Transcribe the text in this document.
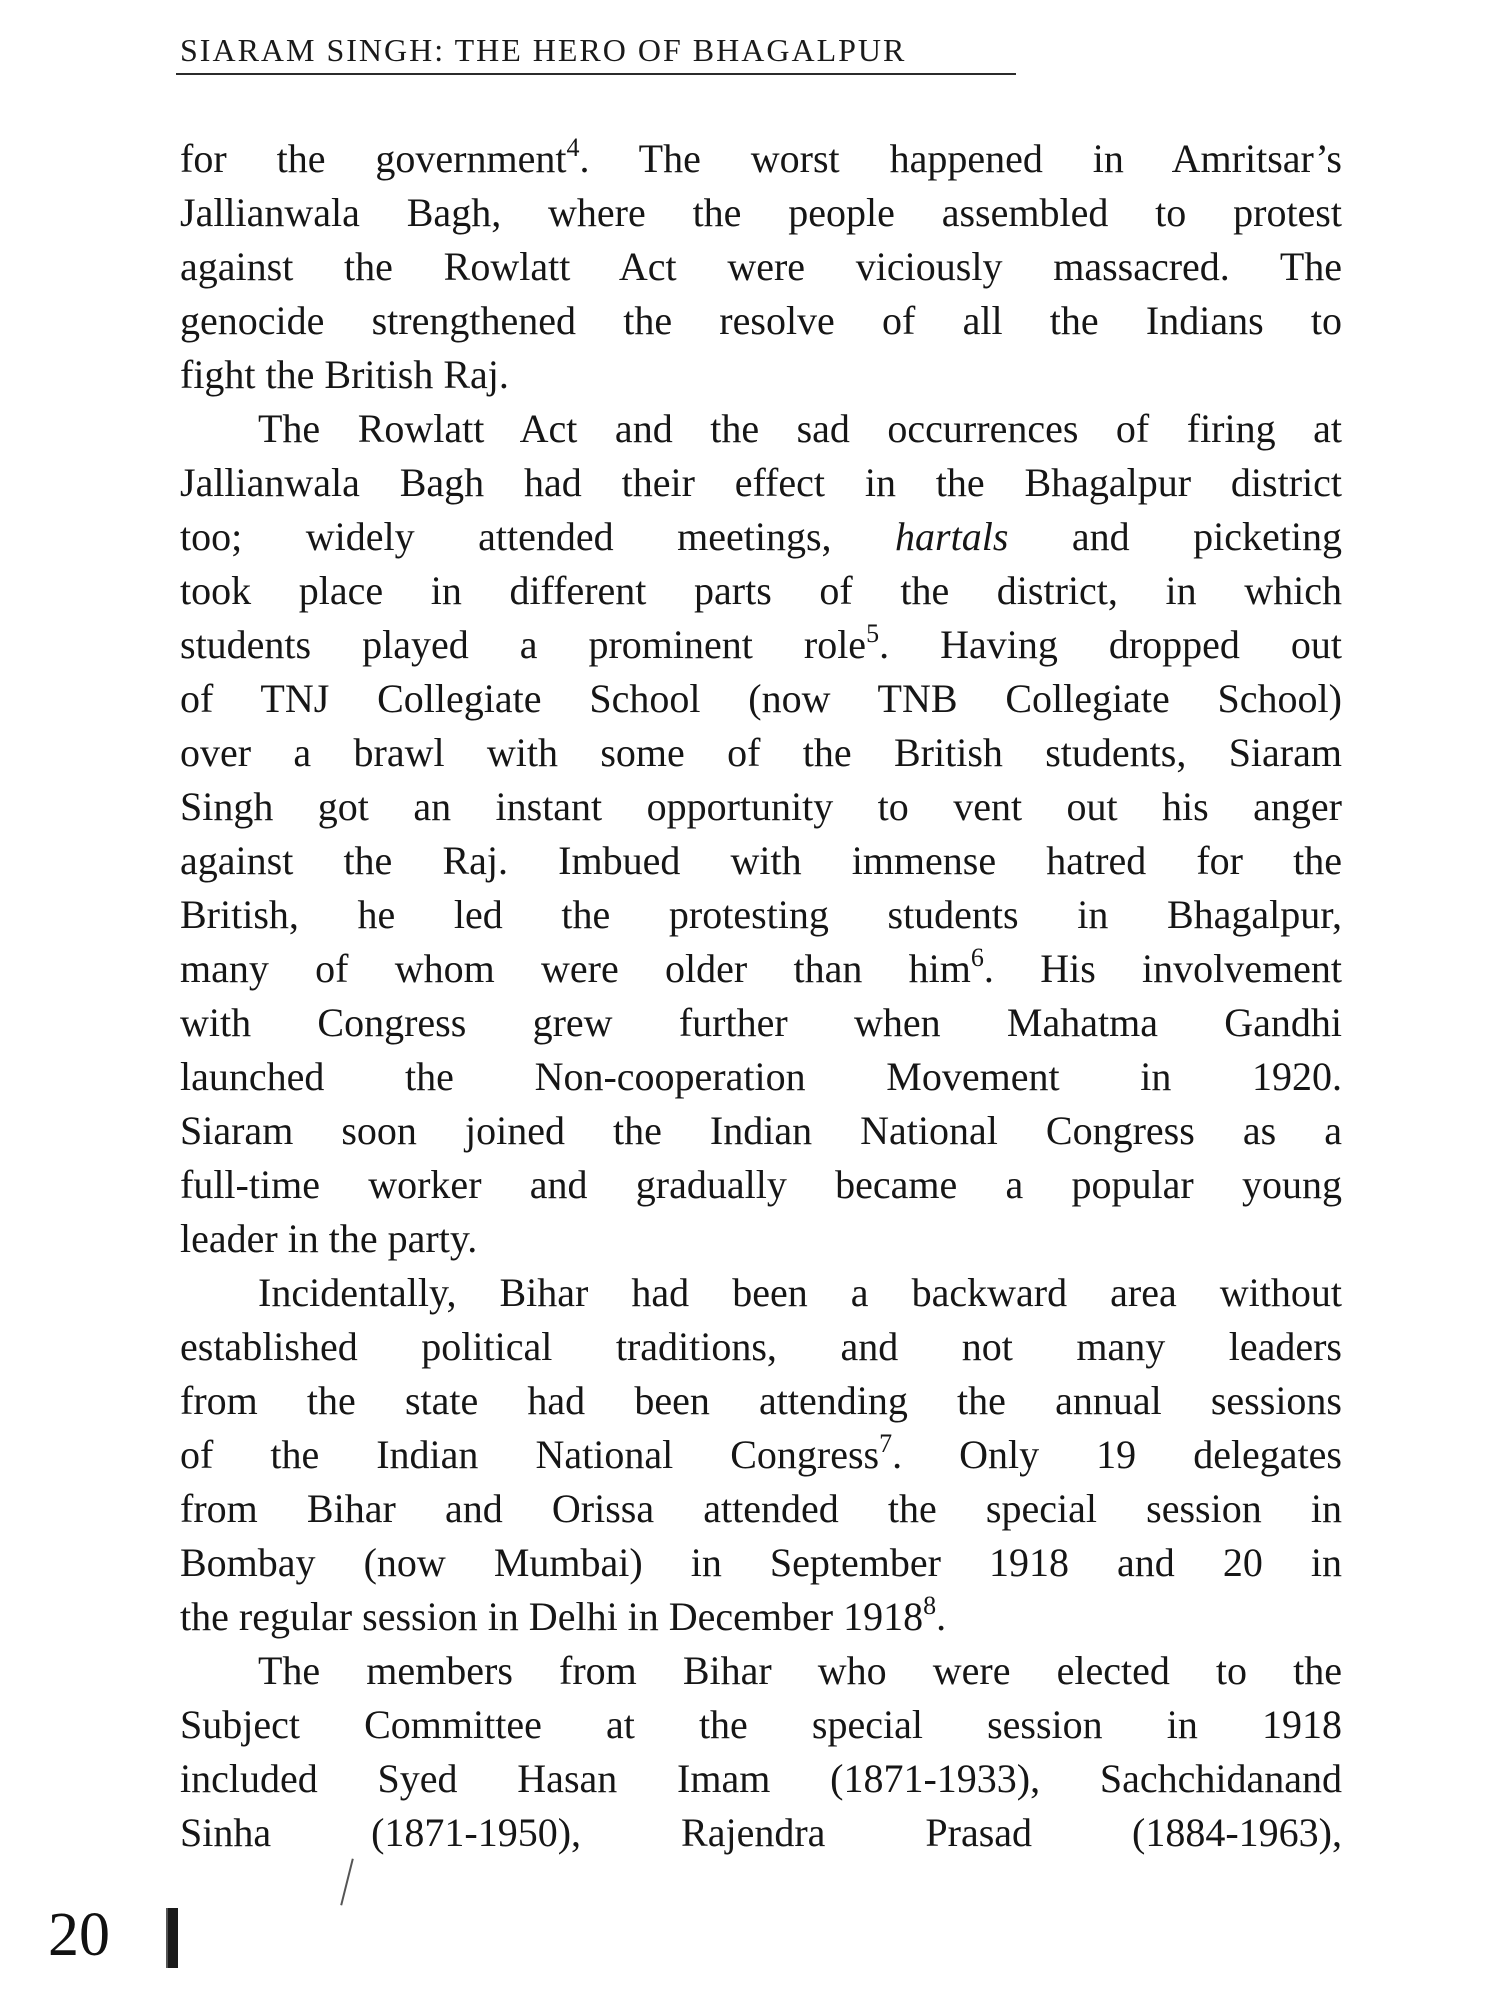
SIARAM SINGH: THE HERO OF BHAGALPUR
for the government$^4$. The worst happened in Amritsar’s
Jallianwala Bagh, where the people assembled to protest
against the Rowlatt Act were viciously massacred. The
genocide strengthened the resolve of all the Indians to
fight the British Raj.
The Rowlatt Act and the sad occurrences of firing at
Jallianwala Bagh had their effect in the Bhagalpur district
too; widely attended meetings, hartals and picketing
took place in different parts of the district, in which
students played a prominent role$^5$. Having dropped out
of TNJ Collegiate School (now TNB Collegiate School)
over a brawl with some of the British students, Siaram
Singh got an instant opportunity to vent out his anger
against the Raj. Imbued with immense hatred for the
British, he led the protesting students in Bhagalpur,
many of whom were older than him$^6$. His involvement
with Congress grew further when Mahatma Gandhi
launched the Non-cooperation Movement in 1920.
Siaram soon joined the Indian National Congress as a
full-time worker and gradually became a popular young
leader in the party.
Incidentally, Bihar had been a backward area without
established political traditions, and not many leaders
from the state had been attending the annual sessions
of the Indian National Congress$^7$. Only 19 delegates
from Bihar and Orissa attended the special session in
Bombay (now Mumbai) in September 1918 and 20 in
the regular session in Delhi in December 1918$^8$.
The members from Bihar who were elected to the
Subject Committee at the special session in 1918
included Syed Hasan Imam (1871-1933), Sachchidanand
Sinha (1871-1950), Rajendra Prasad (1884-1963),
20
